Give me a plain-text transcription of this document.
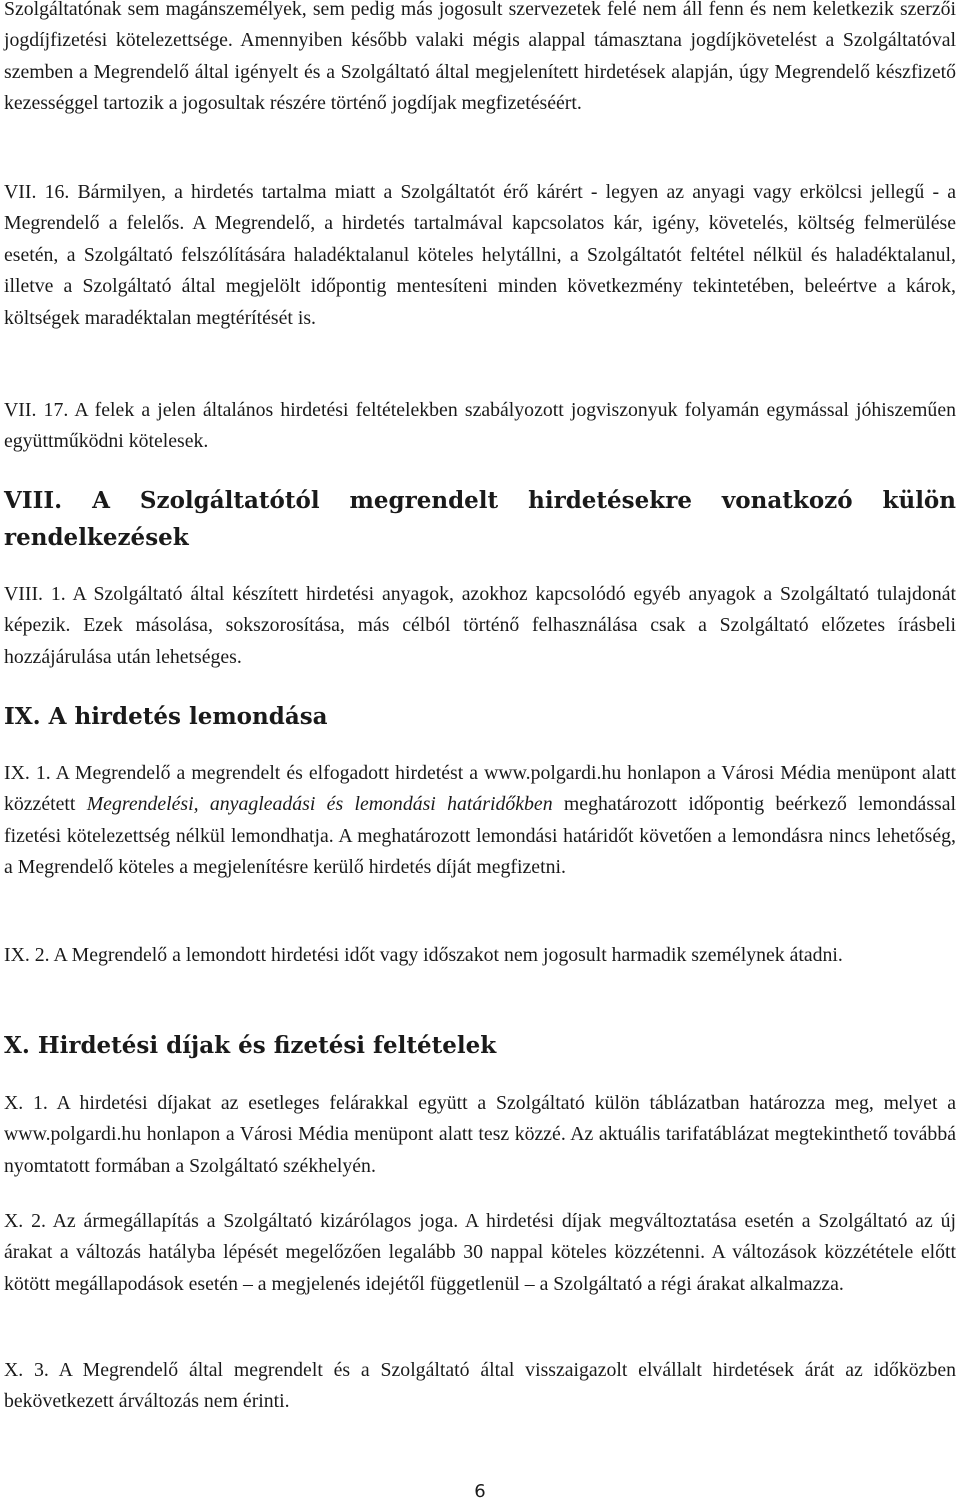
Szolgáltatónak sem magánszemélyek, sem pedig más jogosult szervezetek felé nem áll fenn és nem keletkezik szerzői jogdíjfizetési kötelezettsége. Amennyiben később valaki mégis alappal támasztana jogdíjkövetelést a Szolgáltatóval szemben a Megrendelő által igényelt és a Szolgáltató által megjelenített hirdetések alapján, úgy Megrendelő készfizető kezességgel tartozik a jogosultak részére történő jogdíjak megfizetéséért.

VII. 16. Bármilyen, a hirdetés tartalma miatt a Szolgáltatót érő kárért - legyen az anyagi vagy erkölcsi jellegű - a Megrendelő a felelős. A Megrendelő, a hirdetés tartalmával kapcsolatos kár, igény, követelés, költség felmerülése esetén, a Szolgáltató felszólítására haladéktalanul köteles helytállni, a Szolgáltatót feltétel nélkül és haladéktalanul, illetve a Szolgáltató által megjelölt időpontig mentesíteni minden következmény tekintetében, beleértve a károk, költségek maradéktalan megtérítését is.

VII. 17. A felek a jelen általános hirdetési feltételekben szabályozott jogviszonyuk folyamán egymással jóhiszeműen együttműködni kötelesek.

VIII. A Szolgáltatótól megrendelt hirdetésekre vonatkozó külön rendelkezések

VIII. 1. A Szolgáltató által készített hirdetési anyagok, azokhoz kapcsolódó egyéb anyagok a Szolgáltató tulajdonát képezik. Ezek másolása, sokszorosítása, más célból történő felhasználása csak a Szolgáltató előzetes írásbeli hozzájárulása után lehetséges.

IX. A hirdetés lemondása

IX. 1. A Megrendelő a megrendelt és elfogadott hirdetést a www.polgardi.hu honlapon a Városi Média menüpont alatt közzétett Megrendelési, anyagleadási és lemondási határidőkben meghatározott időpontig beérkező lemondással fizetési kötelezettség nélkül lemondhatja. A meghatározott lemondási határidőt követően a lemondásra nincs lehetőség, a Megrendelő köteles a megjelenítésre kerülő hirdetés díját megfizetni.

IX. 2. A Megrendelő a lemondott hirdetési időt vagy időszakot nem jogosult harmadik személynek átadni.

X. Hirdetési díjak és fizetési feltételek

X. 1. A hirdetési díjakat az esetleges felárakkal együtt a Szolgáltató külön táblázatban határozza meg, melyet a www.polgardi.hu honlapon a Városi Média menüpont alatt tesz közzé. Az aktuális tarifatáblázat megtekinthető továbbá nyomtatott formában a Szolgáltató székhelyén.

X. 2. Az ármegállapítás a Szolgáltató kizárólagos joga. A hirdetési díjak megváltoztatása esetén a Szolgáltató az új árakat a változás hatályba lépését megelőzően legalább 30 nappal köteles közzétenni. A változások közzététele előtt kötött megállapodások esetén – a megjelenés idejétől függetlenül – a Szolgáltató a régi árakat alkalmazza.

X. 3. A Megrendelő által megrendelt és a Szolgáltató által visszaigazolt elvállalt hirdetések árát az időközben bekövetkezett árváltozás nem érinti.

6
